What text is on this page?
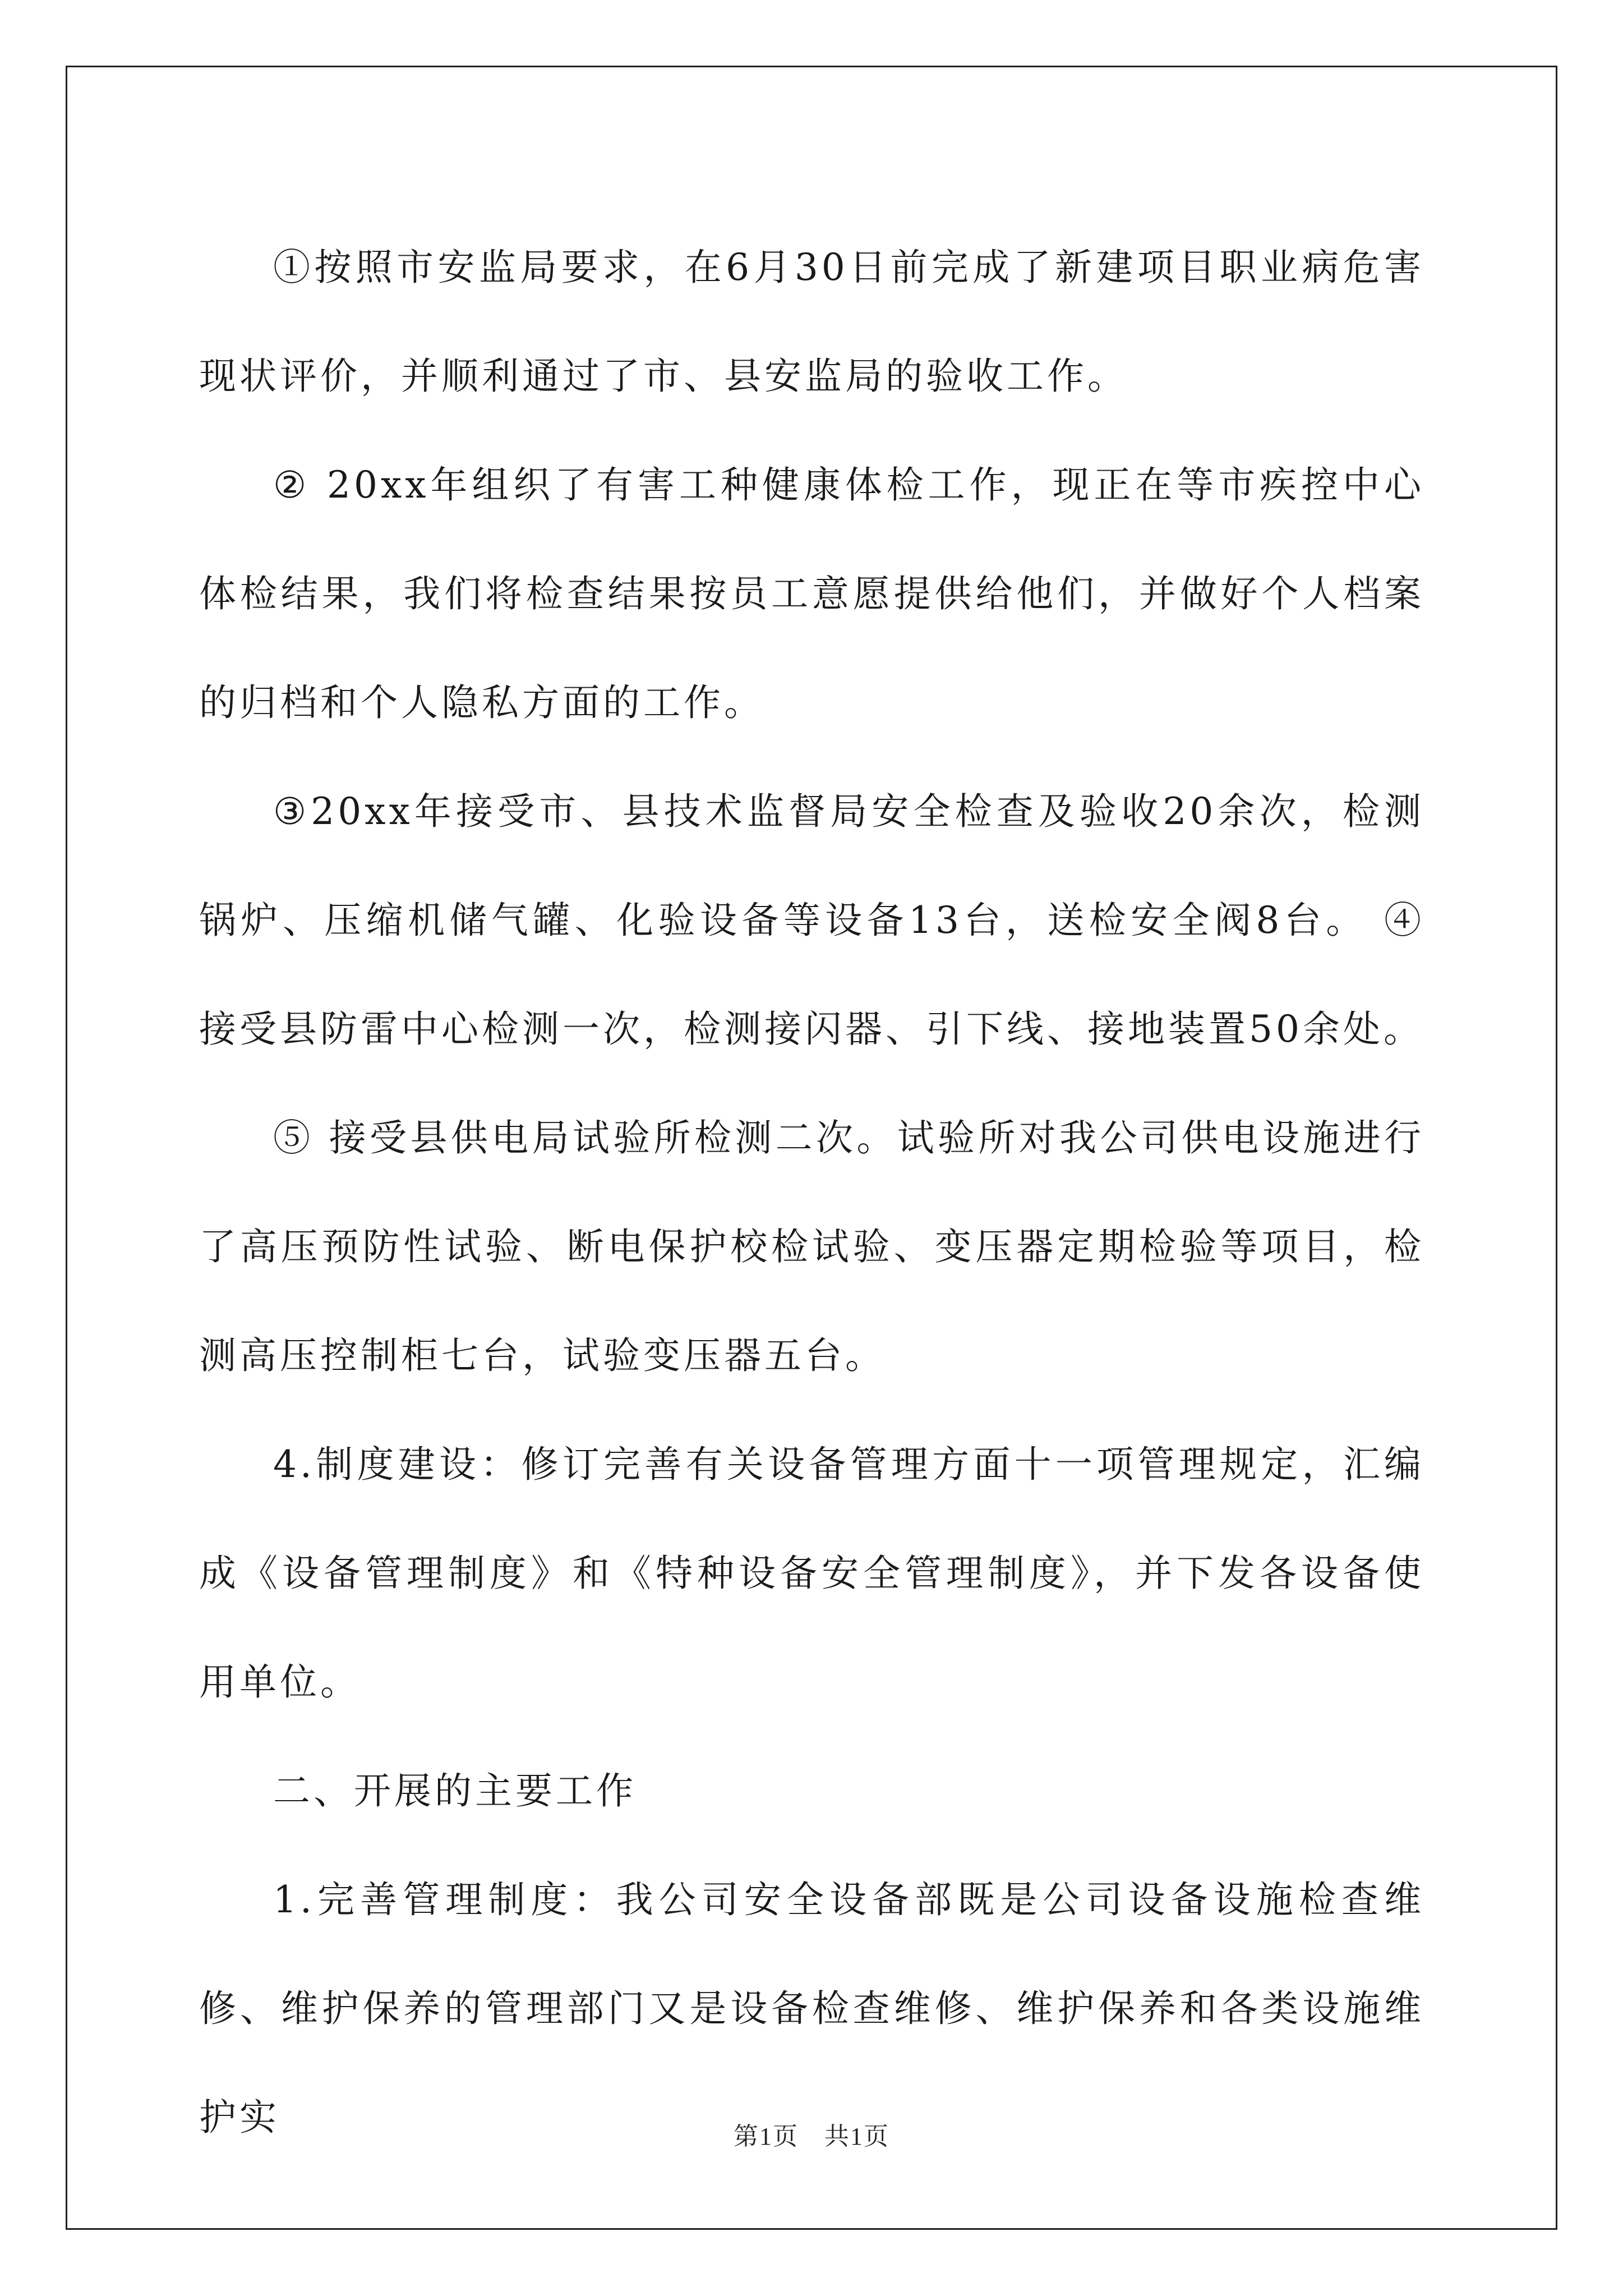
①按照市安监局要求，在6月30日前完成了新建项目职业病危害现状评价，并顺利通过了市、县安监局的验收工作。

② 20xx年组织了有害工种健康体检工作，现正在等市疾控中心体检结果，我们将检查结果按员工意愿提供给他们，并做好个人档案的归档和个人隐私方面的工作。

③20xx年接受市、县技术监督局安全检查及验收20余次，检测锅炉、压缩机储气罐、化验设备等设备13台，送检安全阀8台。 ④接受县防雷中心检测一次，检测接闪器、引下线、接地装置50余处。

⑤ 接受县供电局试验所检测二次。试验所对我公司供电设施进行了高压预防性试验、断电保护校检试验、变压器定期检验等项目，检测高压控制柜七台，试验变压器五台。

4.制度建设：修订完善有关设备管理方面十一项管理规定，汇编成《设备管理制度》和《特种设备安全管理制度》，并下发各设备使用单位。

二、开展的主要工作

1.完善管理制度：我公司安全设备部既是公司设备设施检查维修、维护保养的管理部门又是设备检查维修、维护保养和各类设施维护实	第1页　共1页
